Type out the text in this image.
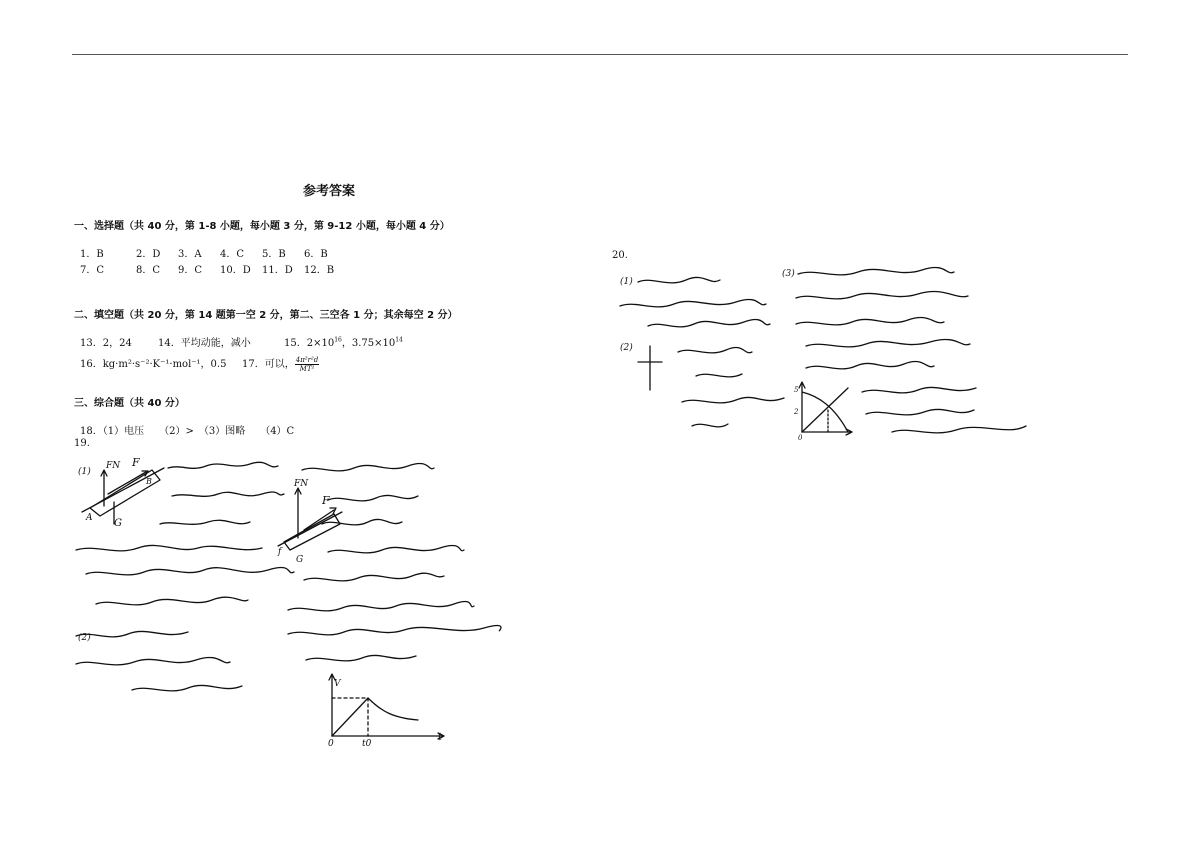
参考答案
一、选择题（共 40 分，第 1-8 小题，每小题 3 分，第 9-12 小题，每小题 4 分）
1．B	2．D 3．A 4．C 5．B 6．B
7．C	8．C 9．C 10．D 11．D 12．B
二、填空题（共 20 分，第 14 题第一空 2 分，第二、三空各 1 分；其余每空 2 分）
13．2，24	14．平均动能，减小	15．$2\times 10^{16}$，$3.75\times 10^{14}$
16．kg·m²·s⁻²·K⁻¹·mol⁻¹，0.5 17．可以， $\frac{\text{4π²r²d}}{\text{MT²}}$
三、综合题（共 40 分）
18．（1）电压　　（2）>　（3）图略　　（4）C
19.
20.
(1)
FN F
B
A G
(2)
FN
F
f
G
V
0	t0
t
(1)
(2)
(3)
5
2
0
